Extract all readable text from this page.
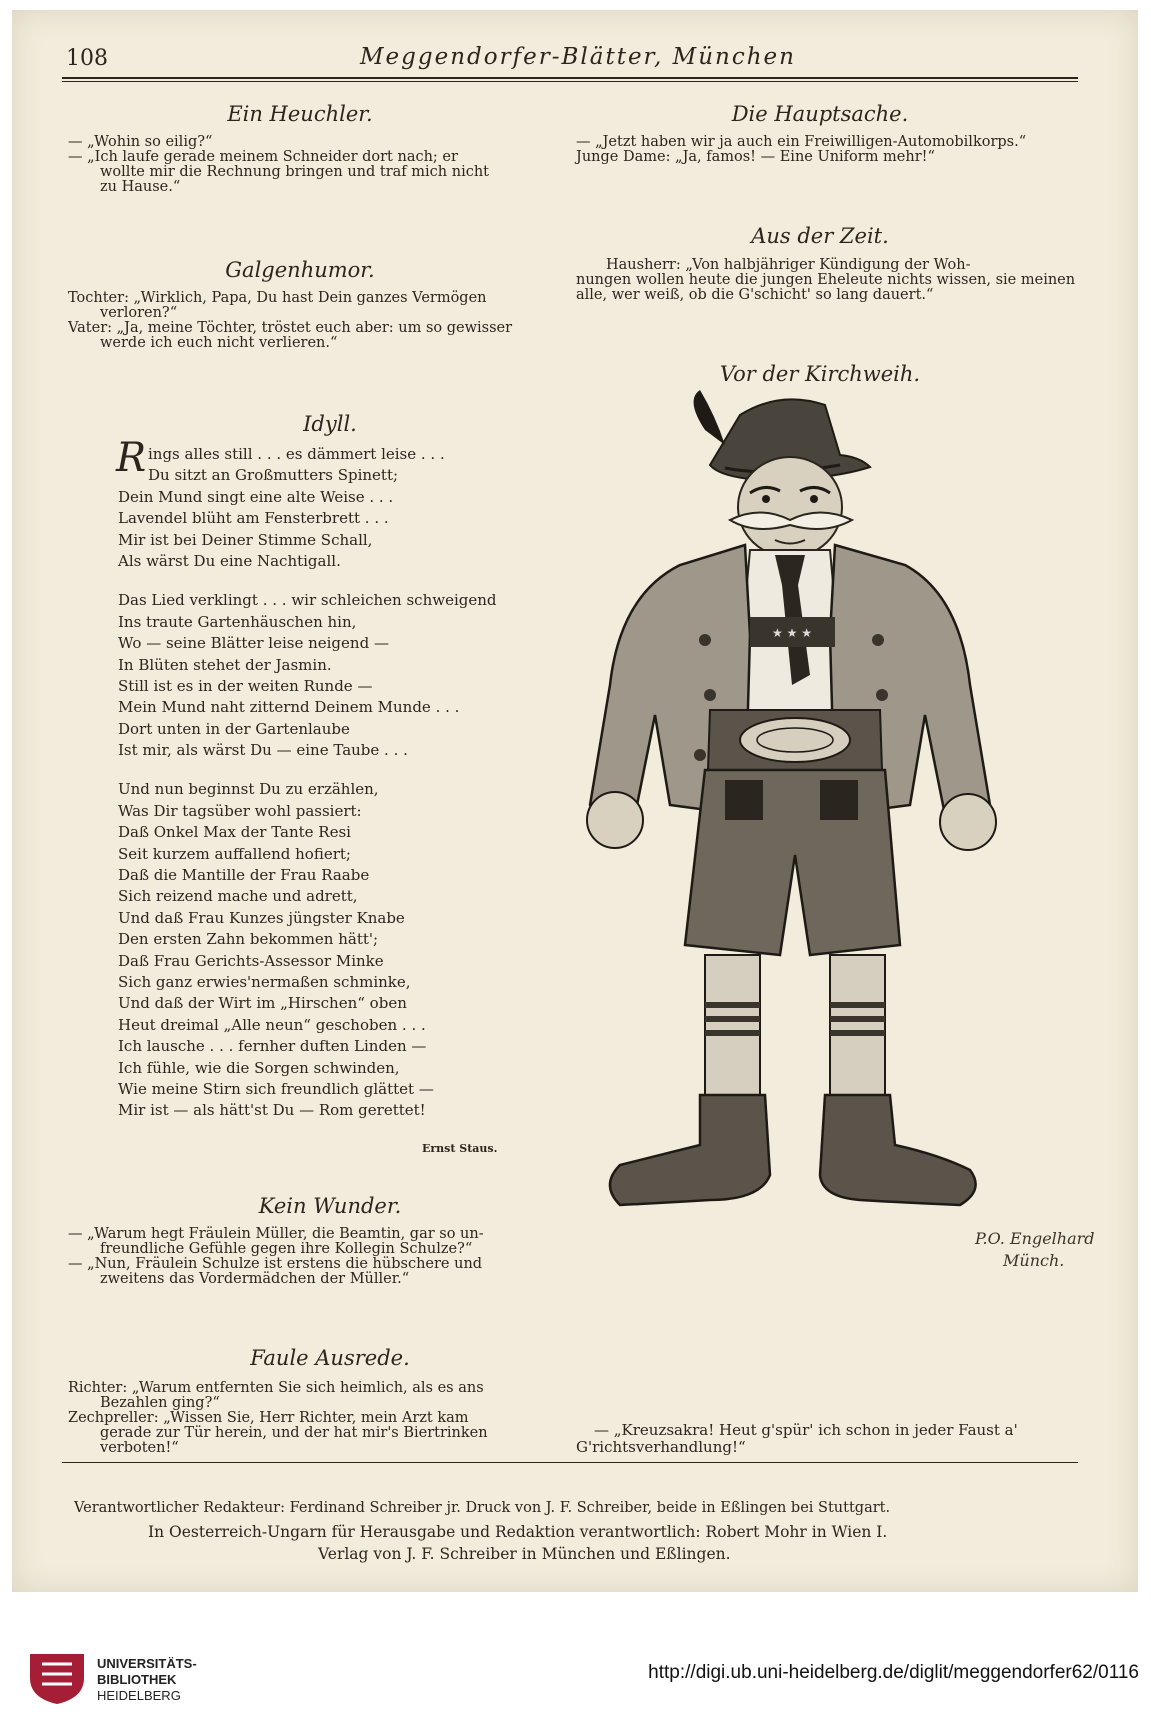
108	Meggendorfer-Blätter, München
Ein Heuchler.
— „Wohin so eilig?“
— „Ich laufe gerade meinem Schneider dort nach; er
wollte mir die Rechnung bringen und traf mich nicht
zu Hause.“
Galgenhumor.
Tochter: „Wirklich, Papa, Du hast Dein ganzes Vermögen
verloren?“
Vater: „Ja, meine Töchter, tröstet euch aber: um so gewisser
werde ich euch nicht verlieren.“
Idyll.
R ings alles still . . . es dämmert leise . . .
Du sitzt an Großmutters Spinett;
Dein Mund singt eine alte Weise . . .
Lavendel blüht am Fensterbrett . . .
Mir ist bei Deiner Stimme Schall,
Als wärst Du eine Nachtigall.
Das Lied verklingt . . . wir schleichen schweigend
Ins traute Gartenhäuschen hin,
Wo — seine Blätter leise neigend —
In Blüten stehet der Jasmin.
Still ist es in der weiten Runde —
Mein Mund naht zitternd Deinem Munde . . .
Dort unten in der Gartenlaube
Ist mir, als wärst Du — eine Taube . . .
Und nun beginnst Du zu erzählen,
Was Dir tagsüber wohl passiert:
Daß Onkel Max der Tante Resi
Seit kurzem auffallend hofiert;
Daß die Mantille der Frau Raabe
Sich reizend mache und adrett,
Und daß Frau Kunzes jüngster Knabe
Den ersten Zahn bekommen hätt';
Daß Frau Gerichts-Assessor Minke
Sich ganz erwies'nermaßen schminke,
Und daß der Wirt im „Hirschen“ oben
Heut dreimal „Alle neun“ geschoben . . .
Ich lausche . . . fernher duften Linden —
Ich fühle, wie die Sorgen schwinden,
Wie meine Stirn sich freundlich glättet —
Mir ist — als hätt'st Du — Rom gerettet!
Ernst Staus.
Kein Wunder.
— „Warum hegt Fräulein Müller, die Beamtin, gar so un-
freundliche Gefühle gegen ihre Kollegin Schulze?“
— „Nun, Fräulein Schulze ist erstens die hübschere und
zweitens das Vordermädchen der Müller.“
Faule Ausrede.
Richter: „Warum entfernten Sie sich heimlich, als es ans
Bezahlen ging?“
Zechpreller: „Wissen Sie, Herr Richter, mein Arzt kam
gerade zur Tür herein, und der hat mir's Biertrinken
verboten!“
Die Hauptsache.
— „Jetzt haben wir ja auch ein Freiwilligen-Automobilkorps.“
Junge Dame: „Ja, famos! — Eine Uniform mehr!“
Aus der Zeit.
Hausherr: „Von halbjähriger Kündigung der Woh-
nungen wollen heute die jungen Eheleute nichts wissen, sie meinen
alle, wer weiß, ob die G'schicht' so lang dauert.“
Vor der Kirchweih.
★ ★ ★
P.O. Engelhard
Münch.
— „Kreuzsakra! Heut g'spür' ich schon in jeder Faust a'
G'richtsverhandlung!“
Verantwortlicher Redakteur: Ferdinand Schreiber jr. Druck von J. F. Schreiber, beide in Eßlingen bei Stuttgart.
In Oesterreich-Ungarn für Herausgabe und Redaktion verantwortlich: Robert Mohr in Wien I.
Verlag von J. F. Schreiber in München und Eßlingen.
UNIVERSITÄTS-
BIBLIOTHEK
HEIDELBERG
http://digi.ub.uni-heidelberg.de/diglit/meggendorfer62/0116
